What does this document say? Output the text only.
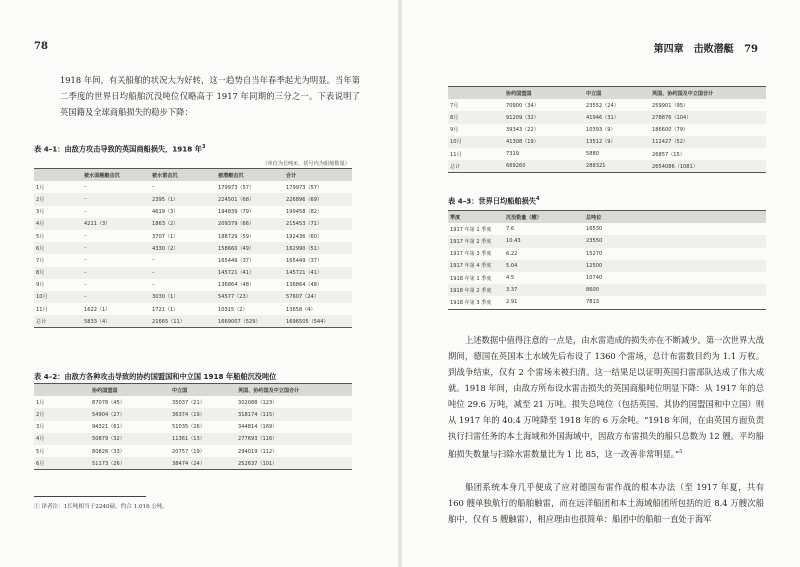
78
1918 年间，有关船舶的状况大为好转，这一趋势自当年春季起尤为明显。当年第二季度的世界日均船舶沉没吨位仅略高于 1917 年同期的三分之一。下表说明了英国籍及全球商船损失的稳步下降：
表 4–1：由敌方攻击导致的英国商船损失，1918 年$^3$
（单位为长吨①，括号内为船舶数量）
	被水面舰艇击沉	被水雷击沉	被潜艇击沉	合计
1月	–	–	179973（57）	179973（57）
2月	–	2395（1）	224501（68）	226896（69）
3月	–	4619（3）	194839（79）	199458（82）
4月	4211（3）	1863（2）	209379（66）	215453（71）
5月	–	3707（1）	188729（59）	192436（60）
6月	–	4330（2）	158660（49）	162990（51）
7月	–	–	165449（37）	165449（37）
8月	–	–	145721（41）	145721（41）
9月	–	–	136864（48）	136864（48）
10月	–	3030（1）	54577（23）	57607（24）
11月	1622（1）	1721（1）	10315（2）	13658（4）
总计	5833（4）	21665（11）	1669007（529）	1696505（544）
表 4–2：由敌方各种攻击导致的协约国盟国和中立国 1918 年船舶沉没吨位
	协约国盟国	中立国	英国、协约国及中立国合计
1月	87078（45）	35037（21）	302088（123）
2月	54904（27）	36374（19）	318174（115）
3月	94321（61）	51035（26）	344814（169）
4月	50879（32）	11361（13）	277693（116）
5月	80826（33）	20757（19）	294019（112）
6月	51173（26）	38474（24）	252637（101）
① 译者注：1长吨相当于2240磅，约合 1.016 公吨。
第四章　击败潜艇 79
	协约国盟国	中立国	英国、协约国及中立国合计
7月	70900（34）	23552（24）	259901（95）
8月	91209（32）	41946（31）	278876（104）
9月	39343（22）	10393（9）	186600（79）
10月	41308（19）	13512（9）	112427（52）
11月	7319	5880	26857（15）
总计	669260	288321	2654086（1081）
表 4–3：世界日均船舶损失$^4$
季度	沉没数量（艘）	总吨位
1917 年第 1 季度	7.6	16530
1917 年第 2 季度	10.43	23550
1917 年第 3 季度	6.22	15270
1917 年第 4 季度	5.04	12500
1918 年第 1 季度	4.5	10740
1918 年第 2 季度	3.37	8600
1918 年第 3 季度	2.91	7813
上述数据中值得注意的一点是，由水雷造成的损失亦在不断减少。第一次世界大战期间，德国在英国本土水域先后布设了 1360 个雷场，总计布雷数目约为 1.1 万枚。到战争结束，仅有 2 个雷场未被扫清。这一结果足以证明英国扫雷部队达成了伟大成就。1918 年间，由敌方所布设水雷击损失的英国商船吨位明显下降：从 1917 年的总吨位 29.6 万吨，减至 21 万吨。损失总吨位（包括英国、其协约国盟国和中立国）则从 1917 年的 40.4 万吨降至 1918 年的 6 万余吨。“1918 年间，在由英国方面负责执行扫雷任务的本土海域和外国海域中，因敌方布雷损失的船只总数为 12 艘。平均船舶损失数量与扫除水雷数量比为 1 比 85，这一改善非常明显。”$^5$
船团系统本身几乎便成了应对德国布雷作战的根本办法（至 1917 年夏，共有 160 艘单独航行的船舶触雷，而在远洋船团和本土海域船团所包括的近 8.4 万艘次船舶中，仅有 5 艘触雷），相应理由也很简单：船团中的船舶一直处于海军
